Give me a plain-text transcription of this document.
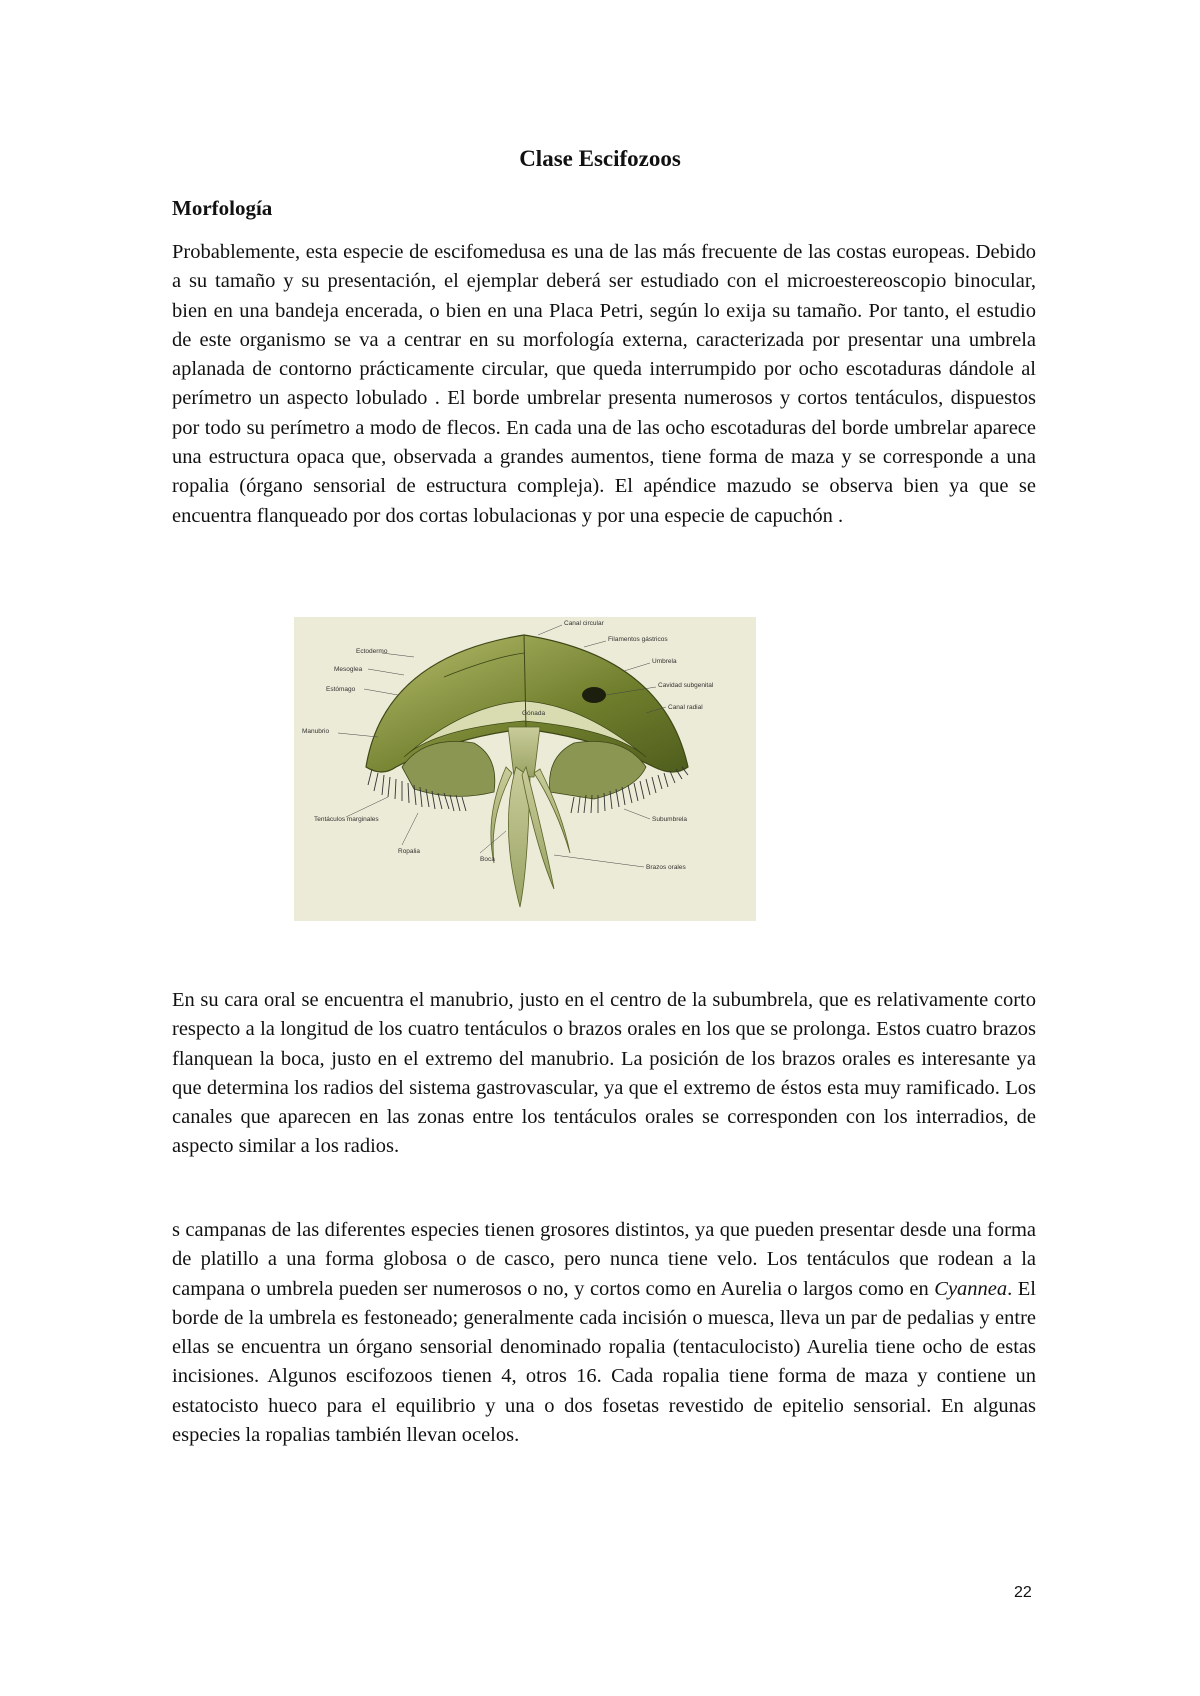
Clase Escifozoos
Morfología

Probablemente, esta especie de escifomedusa es una de las más frecuente de las costas europeas. Debido a su tamaño y su presentación, el ejemplar deberá ser estudiado con el microestereoscopio binocular, bien en una bandeja encerada, o bien en una Placa Petri, según lo exija su tamaño. Por tanto, el estudio de este organismo se va a centrar en su morfología externa, caracterizada por presentar una umbrela aplanada de contorno prácticamente circular, que queda interrumpido por ocho escotaduras dándole al perímetro un aspecto lobulado . El borde umbrelar presenta numerosos y cortos tentáculos, dispuestos por todo su perímetro a modo de flecos. En cada una de las ocho escotaduras del borde umbrelar aparece una estructura opaca que, observada a grandes aumentos, tiene forma de maza y se corresponde a una ropalia (órgano sensorial de estructura compleja). El apéndice mazudo se observa bien ya que se encuentra flanqueado por dos cortas lobulacionas y por una especie de capuchón .

Canal circular
Filamentos gástricos
Umbrela
Cavidad subgenital
Canal radial
Ectodermo
Mesoglea
Estómago
Manubrio
Tentáculos marginales
Ropalia
Boca
Subumbrela
Brazos orales
Gónada

En su cara oral se encuentra el manubrio, justo en el centro de la subumbrela, que es relativamente corto respecto a la longitud de los cuatro tentáculos o brazos orales en los que se prolonga. Estos cuatro brazos flanquean la boca, justo en el extremo del manubrio. La posición de los brazos orales es interesante ya que determina los radios del sistema gastrovascular, ya que el extremo de éstos esta muy ramificado. Los canales que aparecen en las zonas entre los tentáculos orales se corresponden con los interradios, de aspecto similar a los radios.

s campanas de las diferentes especies tienen grosores distintos, ya que pueden presentar desde una forma de platillo a una forma globosa o de casco, pero nunca tiene velo. Los tentáculos que rodean a la campana o umbrela pueden ser numerosos o no, y cortos como en Aurelia o largos como en Cyannea. El borde de la umbrela es festoneado; generalmente cada incisión o muesca, lleva un par de pedalias y entre ellas se encuentra un órgano sensorial denominado ropalia (tentaculocisto) Aurelia tiene ocho de estas incisiones. Algunos escifozoos tienen 4, otros 16. Cada ropalia tiene forma de maza y contiene un estatocisto hueco para el equilibrio y una o dos fosetas revestido de epitelio sensorial. En algunas especies la ropalias también llevan ocelos.

22
